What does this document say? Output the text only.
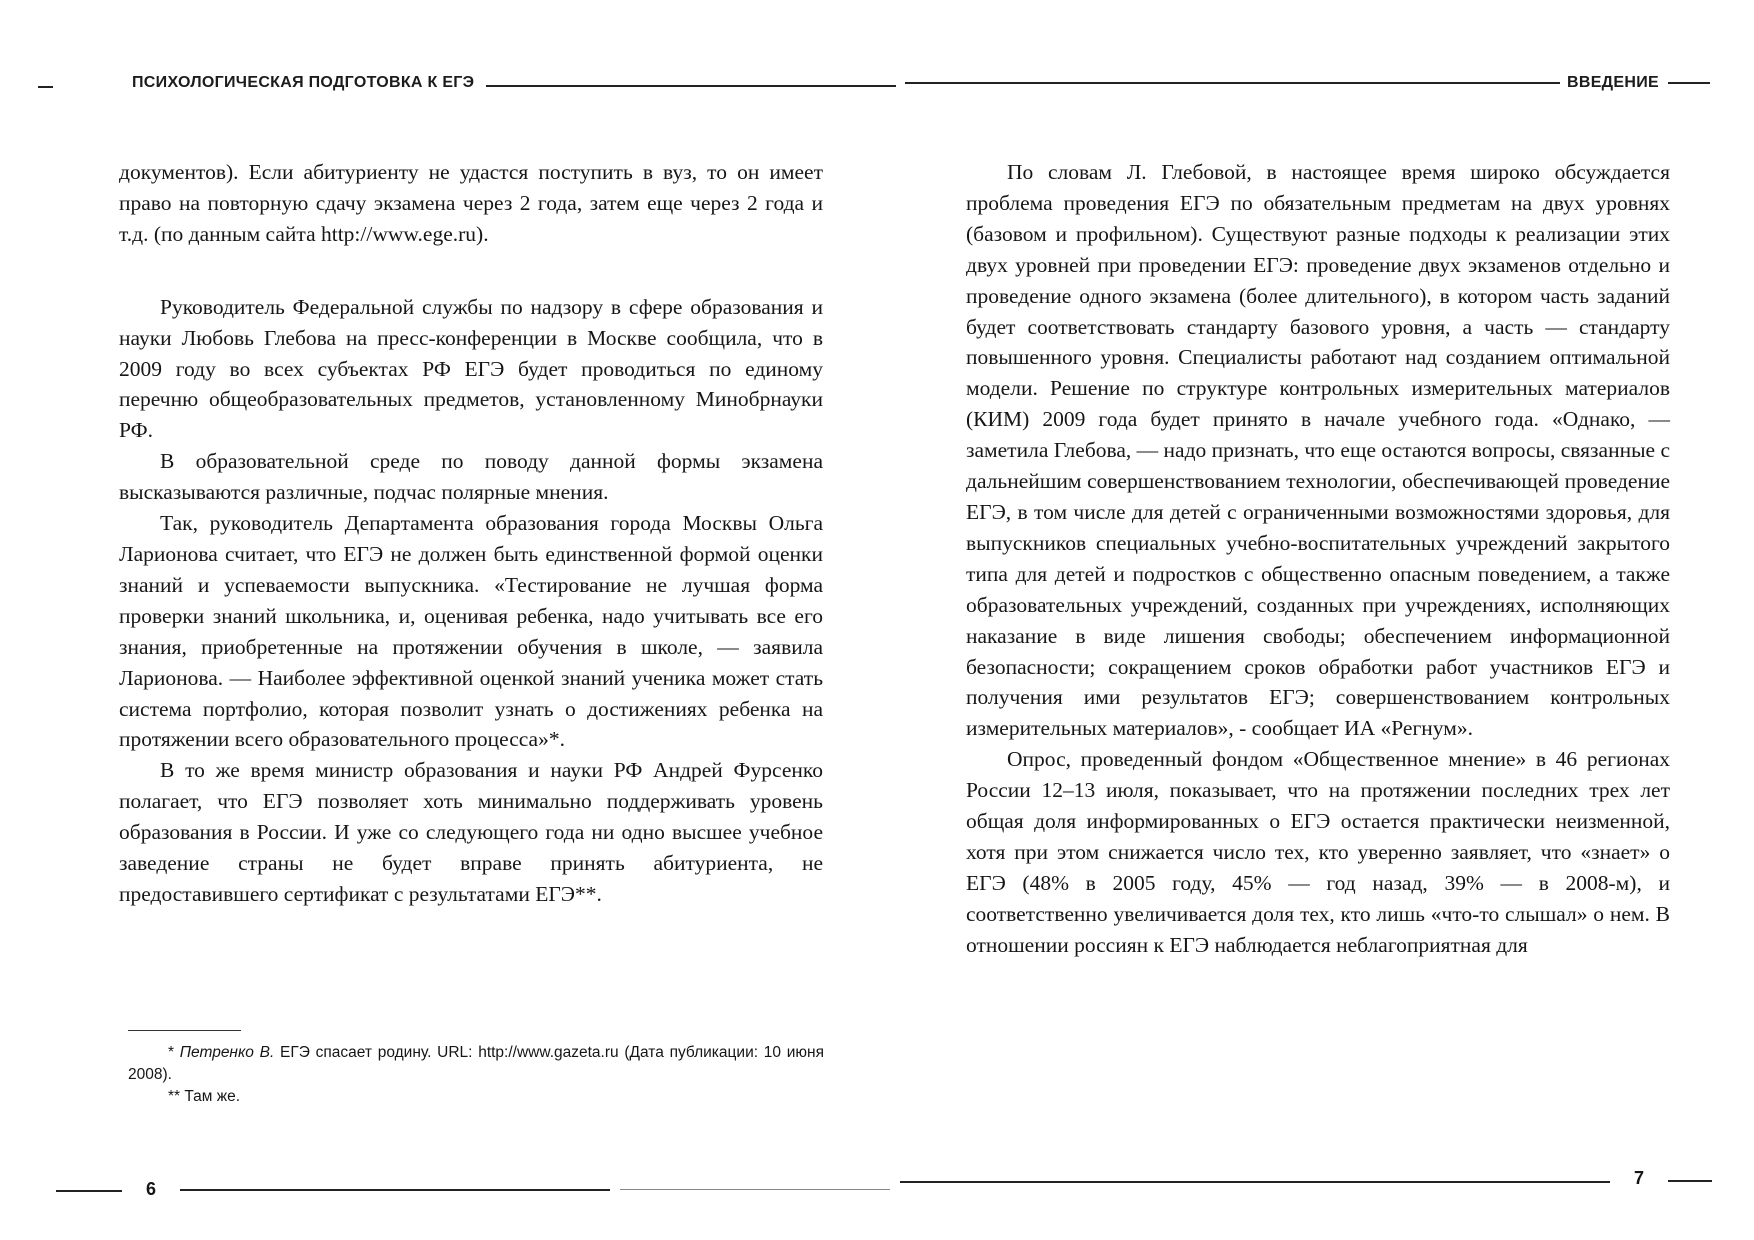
ПСИХОЛОГИЧЕСКАЯ ПОДГОТОВКА К ЕГЭ	ВВЕДЕНИЕ

документов). Если абитуриенту не удастся поступить в вуз, то он имеет право на повторную сдачу экзамена через 2 года, затем еще через 2 года и т.д. (по данным сайта http://www.ege.ru).

Руководитель Федеральной службы по надзору в сфере образования и науки Любовь Глебова на пресс-конференции в Москве сообщила, что в 2009 году во всех субъектах РФ ЕГЭ будет проводиться по единому перечню общеобразовательных предметов, установленному Минобрнауки РФ.

В образовательной среде по поводу данной формы экзамена высказываются различные, подчас полярные мнения.

Так, руководитель Департамента образования города Москвы Ольга Ларионова считает, что ЕГЭ не должен быть единственной формой оценки знаний и успеваемости выпускника. «Тестирование не лучшая форма проверки знаний школьника, и, оценивая ребенка, надо учитывать все его знания, приобретенные на протяжении обучения в школе, — заявила Ларионова. — Наиболее эффективной оценкой знаний ученика может стать система портфолио, которая позволит узнать о достижениях ребенка на протяжении всего образовательного процесса»*.

В то же время министр образования и науки РФ Андрей Фурсенко полагает, что ЕГЭ позволяет хоть минимально поддерживать уровень образования в России. И уже со следующего года ни одно высшее учебное заведение страны не будет вправе принять абитуриента, не предоставившего сертификат с результатами ЕГЭ**.

* Петренко В. ЕГЭ спасает родину. URL: http://www.gazeta.ru (Дата публикации: 10 июня 2008).

** Там же.

По словам Л. Глебовой, в настоящее время широко обсуждается проблема проведения ЕГЭ по обязательным предметам на двух уровнях (базовом и профильном). Существуют разные подходы к реализации этих двух уровней при проведении ЕГЭ: проведение двух экзаменов отдельно и проведение одного экзамена (более длительного), в котором часть заданий будет соответствовать стандарту базового уровня, а часть — стандарту повышенного уровня. Специалисты работают над созданием оптимальной модели. Решение по структуре контрольных измерительных материалов (КИМ) 2009 года будет принято в начале учебного года. «Однако, — заметила Глебова, — надо признать, что еще остаются вопросы, связанные с дальнейшим совершенствованием технологии, обеспечивающей проведение ЕГЭ, в том числе для детей с ограниченными возможностями здоровья, для выпускников специальных учебно-воспитательных учреждений закрытого типа для детей и подростков с общественно опасным поведением, а также образовательных учреждений, созданных при учреждениях, исполняющих наказание в виде лишения свободы; обеспечением информационной безопасности; сокращением сроков обработки работ участников ЕГЭ и получения ими результатов ЕГЭ; совершенствованием контрольных измерительных материалов», - сообщает ИА «Регнум».

Опрос, проведенный фондом «Общественное мнение» в 46 регионах России 12–13 июля, показывает, что на протяжении последних трех лет общая доля информированных о ЕГЭ остается практически неизменной, хотя при этом снижается число тех, кто уверенно заявляет, что «знает» о ЕГЭ (48% в 2005 году, 45% — год назад, 39% — в 2008-м), и соответственно увеличивается доля тех, кто лишь «что-то слышал» о нем. В отношении россиян к ЕГЭ наблюдается неблагоприятная для

6
7
